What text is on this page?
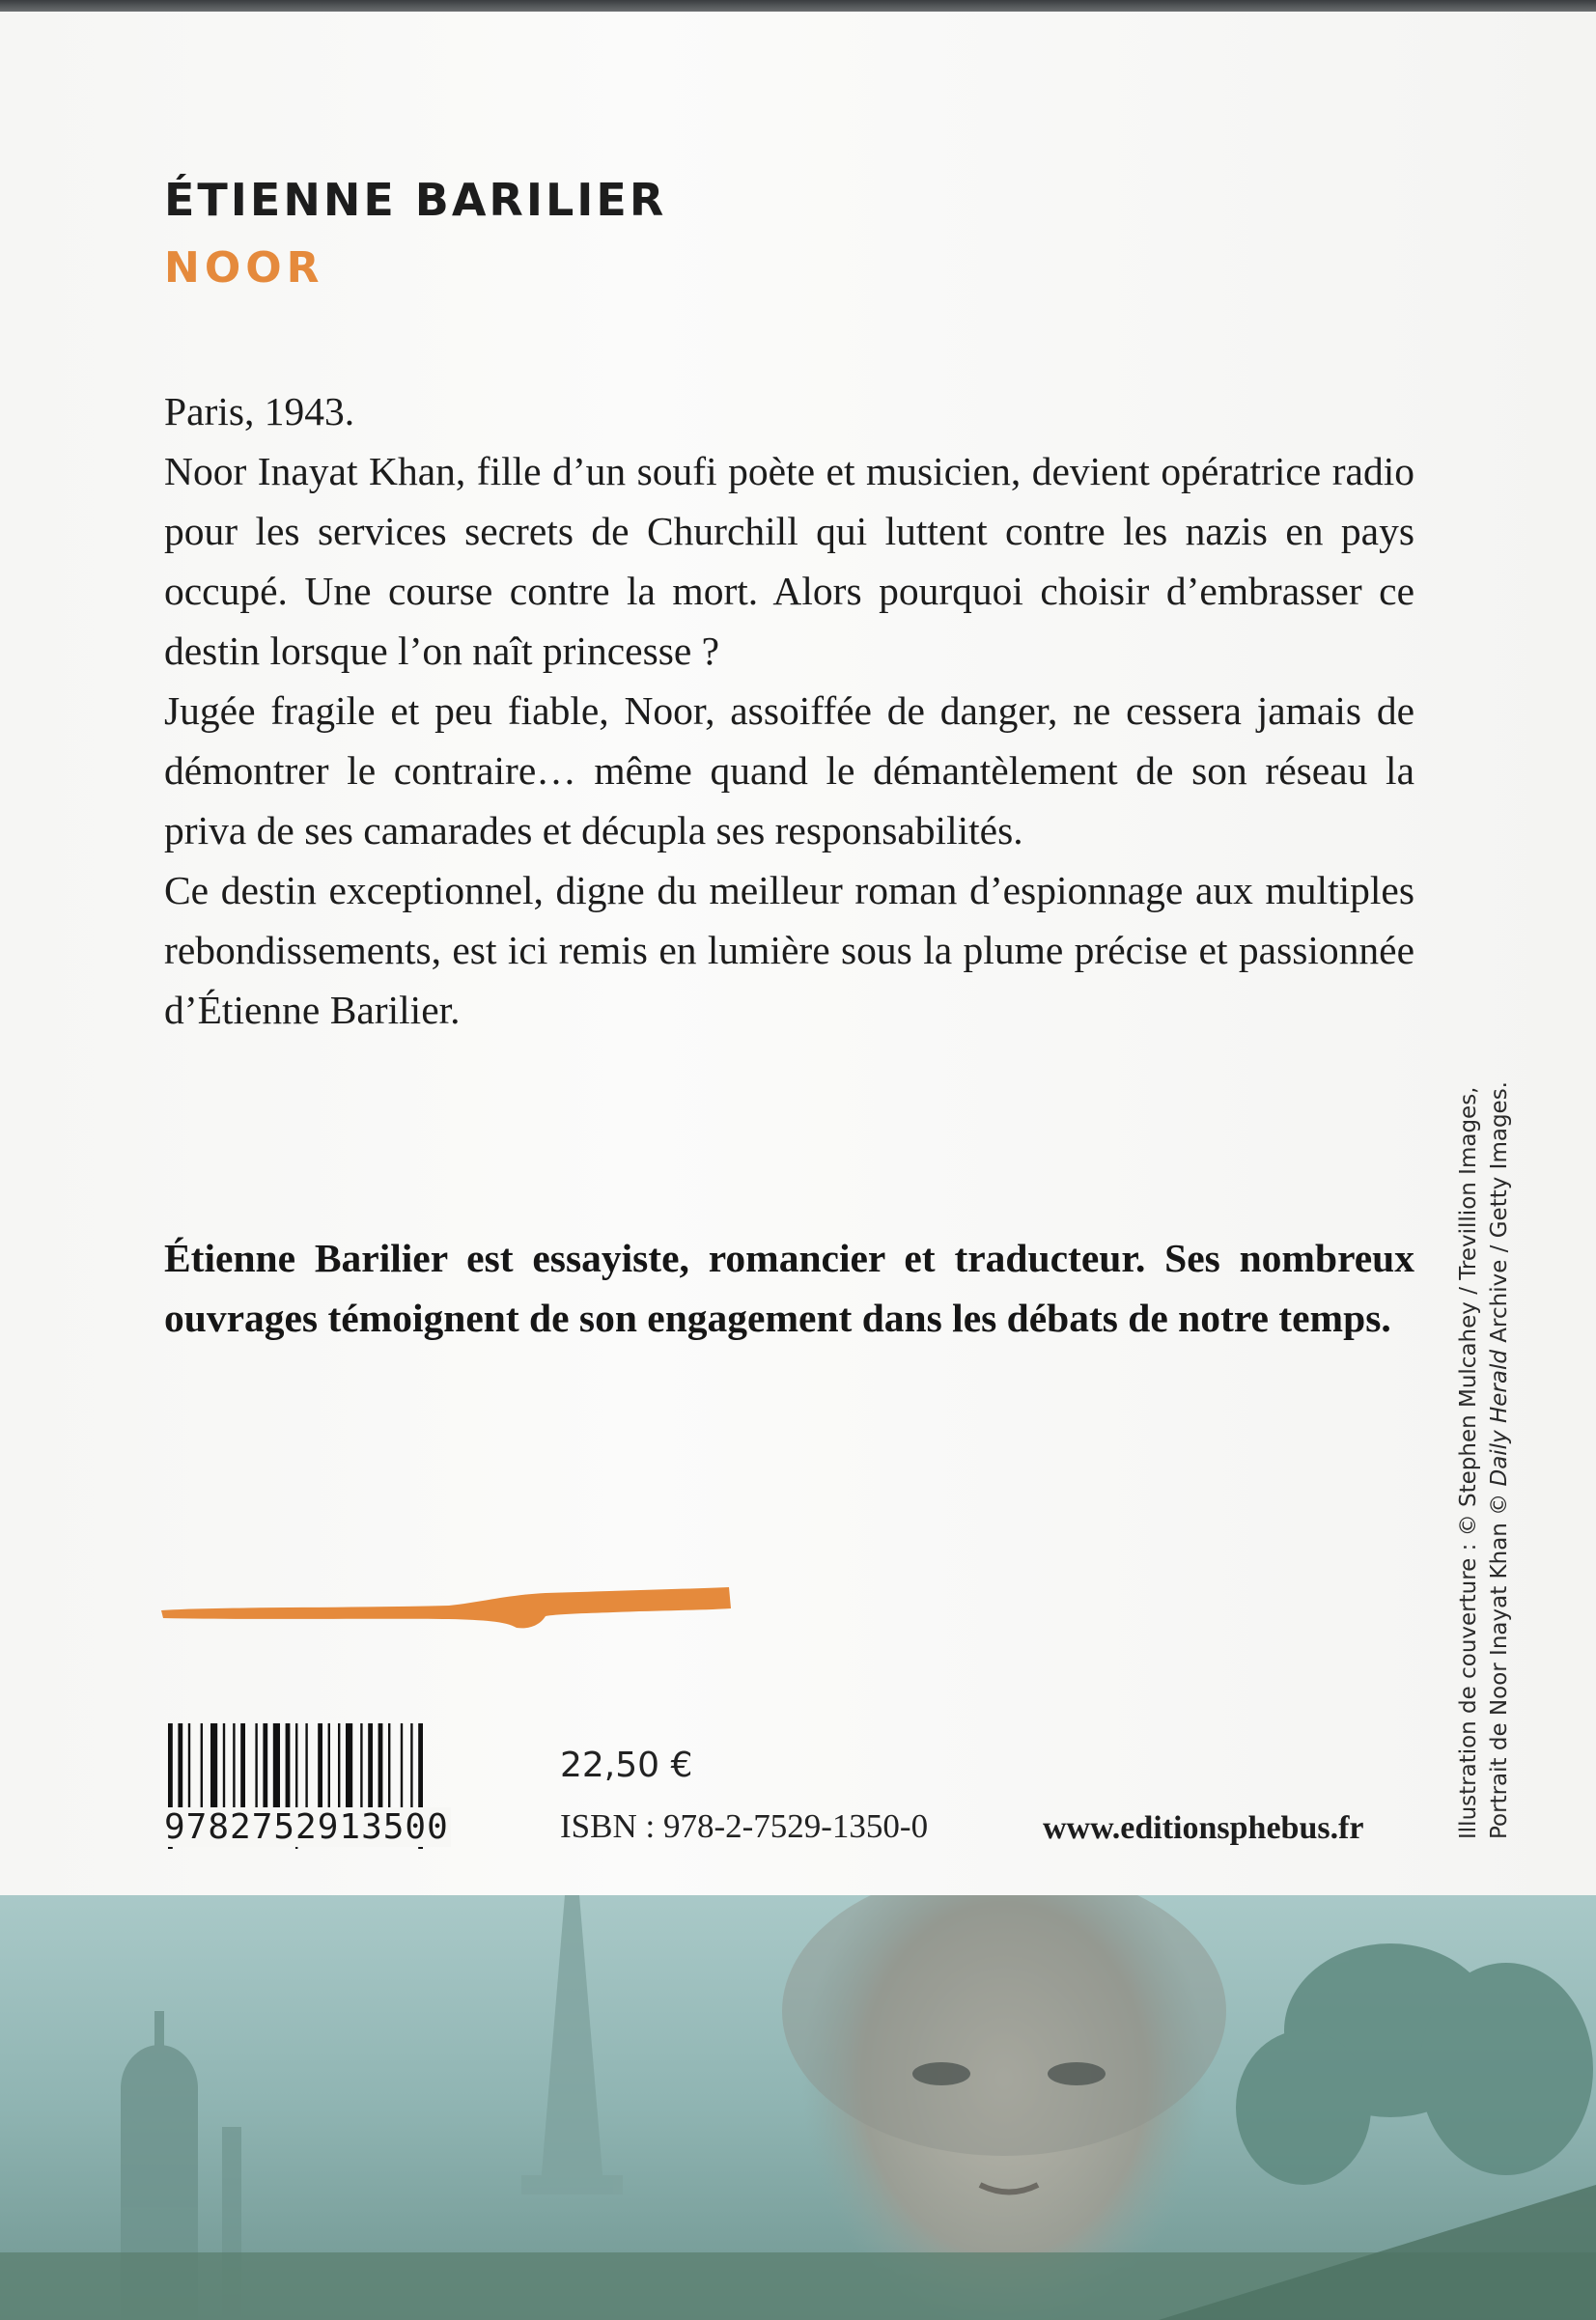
ÉTIENNE BARILIER
NOOR

Paris, 1943.

Noor Inayat Khan, fille d’un soufi poète et musicien, devient opératrice radio pour les services secrets de Churchill qui luttent contre les nazis en pays occupé. Une course contre la mort. Alors pourquoi choisir d’embrasser ce destin lorsque l’on naît princesse ?

Jugée fragile et peu fiable, Noor, assoiffée de danger, ne cessera jamais de démontrer le contraire… même quand le démantèlement de son réseau la priva de ses camarades et décupla ses responsabilités.

Ce destin exceptionnel, digne du meilleur roman d’espionnage aux multiples rebondissements, est ici remis en lumière sous la plume précise et passionnée d’Étienne Barilier.

Étienne Barilier est essayiste, romancier et traducteur. Ses nombreux ouvrages témoignent de son engagement dans les débats de notre temps.

9782752913500
22,50 €
ISBN : 978-2-7529-1350-0	www.editionsphebus.fr	Illustration de couverture : © Stephen Mulcahey / Trevillion Images, Portrait de Noor Inayat Khan © Daily Herald Archive / Getty Images.
